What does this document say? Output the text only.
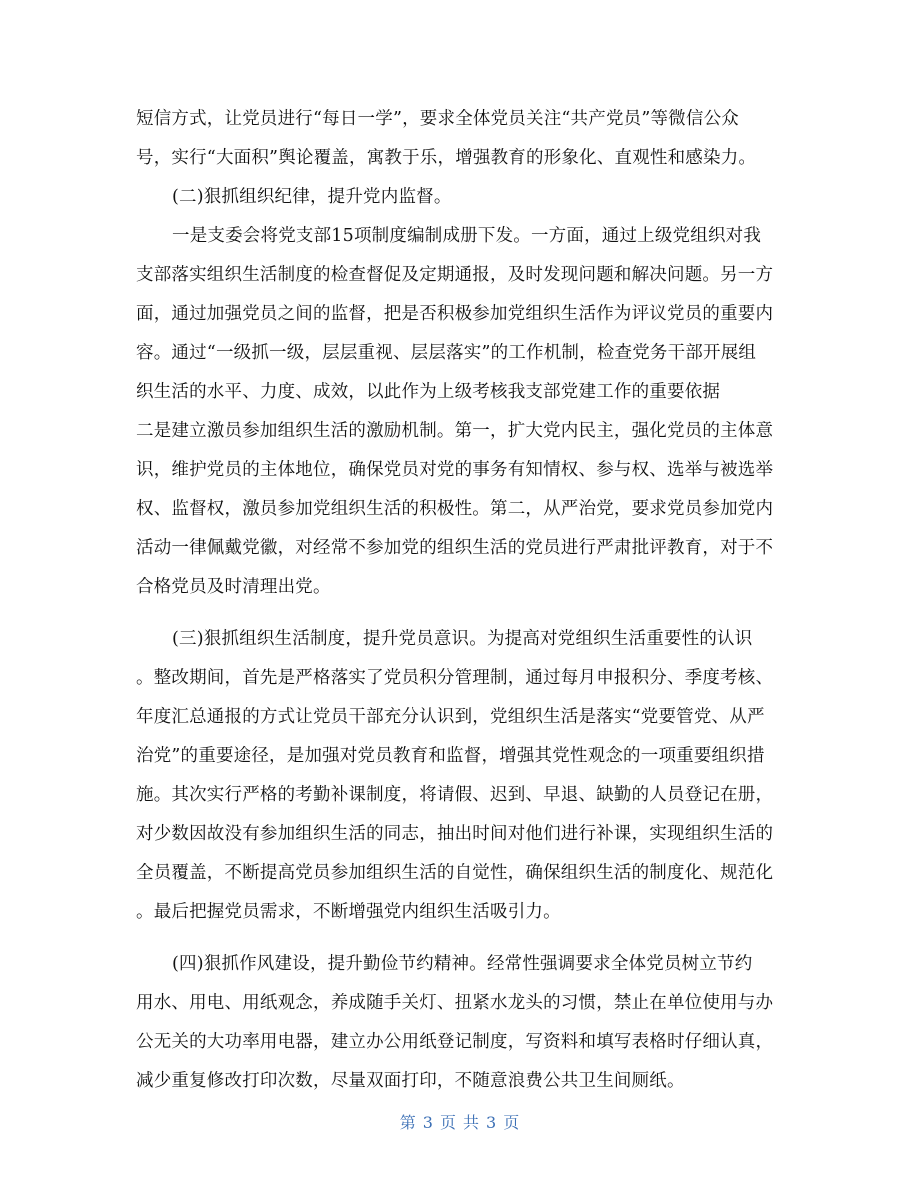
短信方式，让党员进行“每日一学”，要求全体党员关注“共产党员”等微信公众
号，实行“大面积”舆论覆盖，寓教于乐，增强教育的形象化、直观性和感染力。
(二)狠抓组织纪律，提升党内监督。
一是支委会将党支部15项制度编制成册下发。一方面，通过上级党组织对我
支部落实组织生活制度的检查督促及定期通报，及时发现问题和解决问题。另一方
面，通过加强党员之间的监督，把是否积极参加党组织生活作为评议党员的重要内
容。通过“一级抓一级，层层重视、层层落实”的工作机制，检查党务干部开展组
织生活的水平、力度、成效，以此作为上级考核我支部党建工作的重要依据
二是建立激员参加组织生活的激励机制。第一，扩大党内民主，强化党员的主体意
识，维护党员的主体地位，确保党员对党的事务有知情权、参与权、选举与被选举
权、监督权，激员参加党组织生活的积极性。第二，从严治党，要求党员参加党内
活动一律佩戴党徽，对经常不参加党的组织生活的党员进行严肃批评教育，对于不
合格党员及时清理出党。
(三)狠抓组织生活制度，提升党员意识。为提高对党组织生活重要性的认识
。整改期间，首先是严格落实了党员积分管理制，通过每月申报积分、季度考核、
年度汇总通报的方式让党员干部充分认识到，党组织生活是落实“党要管党、从严
治党”的重要途径，是加强对党员教育和监督，增强其党性观念的一项重要组织措
施。其次实行严格的考勤补课制度，将请假、迟到、早退、缺勤的人员登记在册，
对少数因故没有参加组织生活的同志，抽出时间对他们进行补课，实现组织生活的
全员覆盖，不断提高党员参加组织生活的自觉性，确保组织生活的制度化、规范化
。最后把握党员需求，不断增强党内组织生活吸引力。
(四)狠抓作风建设，提升勤俭节约精神。经常性强调要求全体党员树立节约
用水、用电、用纸观念，养成随手关灯、扭紧水龙头的习惯，禁止在单位使用与办
公无关的大功率用电器，建立办公用纸登记制度，写资料和填写表格时仔细认真，
减少重复修改打印次数，尽量双面打印，不随意浪费公共卫生间厕纸。
第 3 页 共 3 页
